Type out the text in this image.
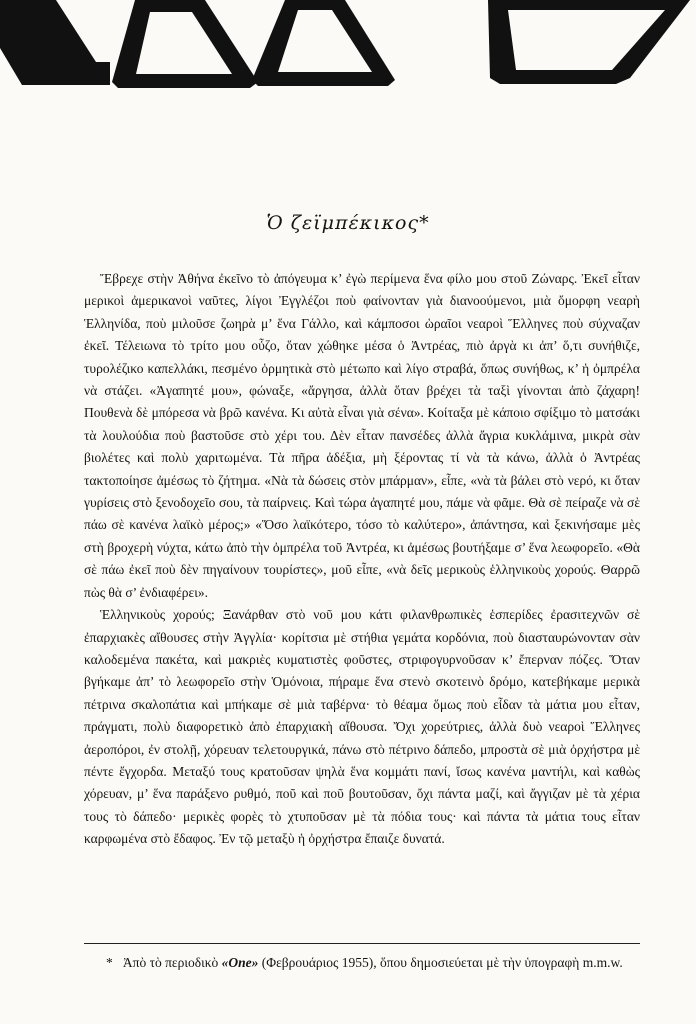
Ὁ ζεϊμπέκικος*

Ἔβρεχε στὴν Ἀθήνα ἐκεῖνο τὸ ἀπόγευμα κ’ ἐγὼ περίμενα ἕνα φίλο μου στοῦ Ζώναρς. Ἐκεῖ εἶταν μερικοὶ ἀμερικανοὶ ναῦτες, λίγοι Ἐγγλέζοι ποὺ φαίνονταν γιὰ διανοούμενοι, μιὰ ὄμορφη νεαρὴ Ἑλληνίδα, ποὺ μιλοῦσε ζωηρὰ μ’ ἕνα Γάλλο, καὶ κάμποσοι ὡραῖοι νεαροὶ Ἕλληνες ποὺ σύχναζαν ἐκεῖ. Τέλειωνα τὸ τρίτο μου οὖζο, ὅταν χώθηκε μέσα ὁ Ἀντρέας, πιὸ ἀργὰ κι ἀπ’ ὅ,τι συνήθιζε, τυρολέζικο καπελλάκι, πεσμένο ὁρμητικὰ στὸ μέτωπο καὶ λίγο στραβά, ὅπως συνήθως, κ’ ἡ ὀμπρέλα νὰ στάζει. «Ἀγαπητέ μου», φώναξε, «ἄργησα, ἀλλὰ ὅταν βρέχει τὰ ταξὶ γίνονται ἀπὸ ζάχαρη! Πουθενὰ δὲ μπόρεσα νὰ βρῶ κανένα. Κι αὐτὰ εἶναι γιὰ σένα». Κοίταξα μὲ κάποιο σφίξιμο τὸ ματσάκι τὰ λουλούδια ποὺ βαστοῦσε στὸ χέρι του. Δὲν εἶταν πανσέδες ἀλλὰ ἄγρια κυκλάμινα, μικρὰ σὰν βιολέτες καὶ πολὺ χαριτωμένα. Τὰ πῆρα ἀδέξια, μὴ ξέροντας τί νὰ τὰ κάνω, ἀλλὰ ὁ Ἀντρέας τακτοποίησε ἀμέσως τὸ ζήτημα. «Νὰ τὰ δώσεις στὸν μπάρμαν», εἶπε, «νὰ τὰ βάλει στὸ νερό, κι ὅταν γυρίσεις στὸ ξενοδοχεῖο σου, τὰ παίρνεις. Καὶ τώρα ἀγαπητέ μου, πάμε νὰ φᾶμε. Θὰ σὲ πείραζε νὰ σὲ πάω σὲ κανένα λαϊκὸ μέρος;» «Ὅσο λαϊκότερο, τόσο τὸ καλύτερο», ἀπάντησα, καὶ ξεκινήσαμε μὲς στὴ βροχερὴ νύχτα, κάτω ἀπὸ τὴν ὀμπρέλα τοῦ Ἀντρέα, κι ἀμέσως βουτήξαμε σ’ ἕνα λεωφορεῖο. «Θὰ σὲ πάω ἐκεῖ ποὺ δὲν πηγαίνουν τουρίστες», μοῦ εἶπε, «νὰ δεῖς μερικοὺς ἑλληνικοὺς χορούς. Θαρρῶ πὼς θὰ σ’ ἐνδιαφέρει».

Ἑλληνικοὺς χορούς; Ξανάρθαν στὸ νοῦ μου κάτι φιλανθρωπικὲς ἑσπερίδες ἐρασιτεχνῶν σὲ ἐπαρχιακὲς αἴθουσες στὴν Ἀγγλία· κορίτσια μὲ στήθια γεμάτα κορδόνια, ποὺ διασταυρώνονταν σὰν καλοδεμένα πακέτα, καὶ μακριὲς κυματιστὲς φοῦστες, στριφογυρνοῦσαν κ’ ἔπερναν πόζες. Ὅταν βγήκαμε ἀπ’ τὸ λεωφορεῖο στὴν Ὁμόνοια, πήραμε ἕνα στενὸ σκοτεινὸ δρόμο, κατεβήκαμε μερικὰ πέτρινα σκαλοπάτια καὶ μπήκαμε σὲ μιὰ ταβέρνα· τὸ θέαμα ὅμως ποὺ εἶδαν τὰ μάτια μου εἶταν, πράγματι, πολὺ διαφορετικὸ ἀπὸ ἐπαρχιακὴ αἴθουσα. Ὄχι χορεύτριες, ἀλλὰ δυὸ νεαροὶ Ἕλληνες ἀεροπόροι, ἐν στολῇ, χόρευαν τελετουργικά, πάνω στὸ πέτρινο δάπεδο, μπροστὰ σὲ μιὰ ὀρχήστρα μὲ πέντε ἔγχορδα. Μεταξύ τους κρατοῦσαν ψηλὰ ἕνα κομμάτι πανί, ἴσως κανένα μαντήλι, καὶ καθὼς χόρευαν, μ’ ἕνα παράξενο ρυθμό, ποῦ καὶ ποῦ βουτοῦσαν, ὄχι πάντα μαζί, καὶ ἄγγιζαν μὲ τὰ χέρια τους τὸ δάπεδο· μερικὲς φορὲς τὸ χτυποῦσαν μὲ τὰ πόδια τους· καὶ πάντα τὰ μάτια τους εἶταν καρφωμένα στὸ ἔδαφος. Ἐν τῷ μεταξὺ ἡ ὀρχήστρα ἔπαιζε δυνατά.

* Ἀπὸ τὸ περιοδικὸ «One» (Φεβρουάριος 1955), ὅπου δημοσιεύεται μὲ τὴν ὑπογραφὴ m.m.w.
